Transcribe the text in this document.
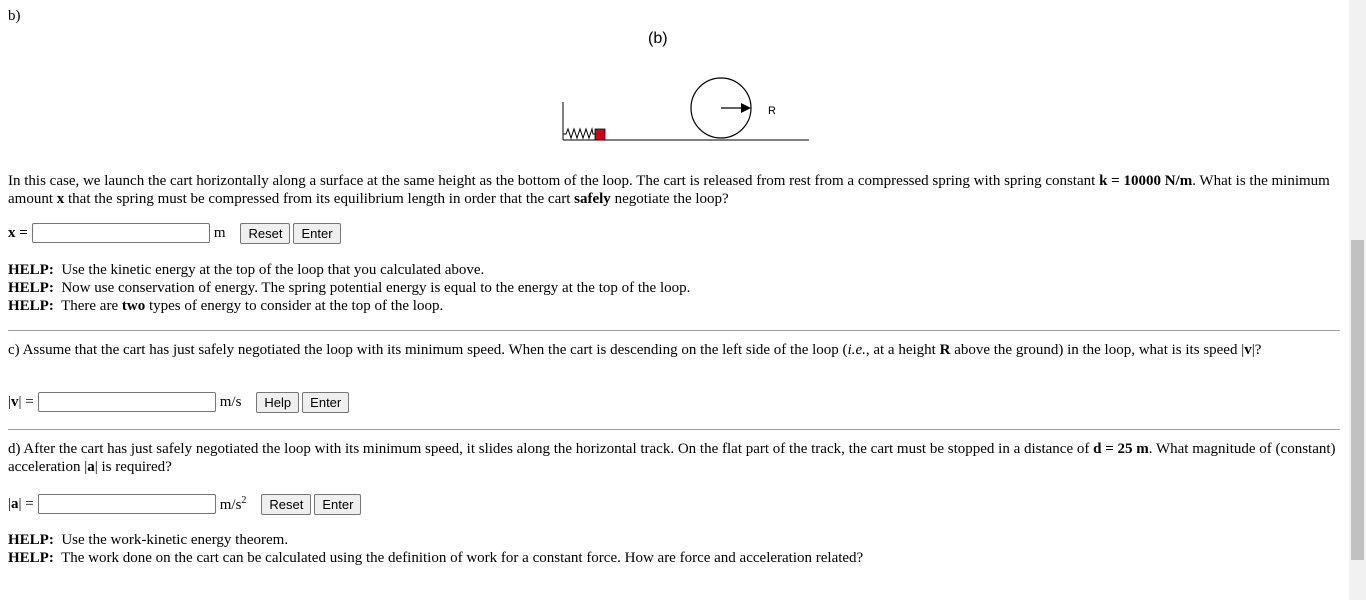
b)
(b)
R
In this case, we launch the cart horizontally along a surface at the same height as the bottom of the loop. The cart is released from rest from a compressed spring with spring constant k = 10000 N/m. What is the minimum amount x that the spring must be compressed from its equilibrium length in order that the cart safely negotiate the loop?
x =	m	Reset	Enter
HELP: Use the kinetic energy at the top of the loop that you calculated above.
HELP: Now use conservation of energy. The spring potential energy is equal to the energy at the top of the loop.
HELP: There are two types of energy to consider at the top of the loop.
c) Assume that the cart has just safely negotiated the loop with its minimum speed. When the cart is descending on the left side of the loop (i.e., at a height R above the ground) in the loop, what is its speed |v|?
|v| =	m/s	Help	Enter
d) After the cart has just safely negotiated the loop with its minimum speed, it slides along the horizontal track. On the flat part of the track, the cart must be stopped in a distance of d = 25 m. What magnitude of (constant) acceleration |a| is required?
|a| =	$m/s^2$	Reset	Enter
HELP: Use the work-kinetic energy theorem.
HELP: The work done on the cart can be calculated using the definition of work for a constant force. How are force and acceleration related?
